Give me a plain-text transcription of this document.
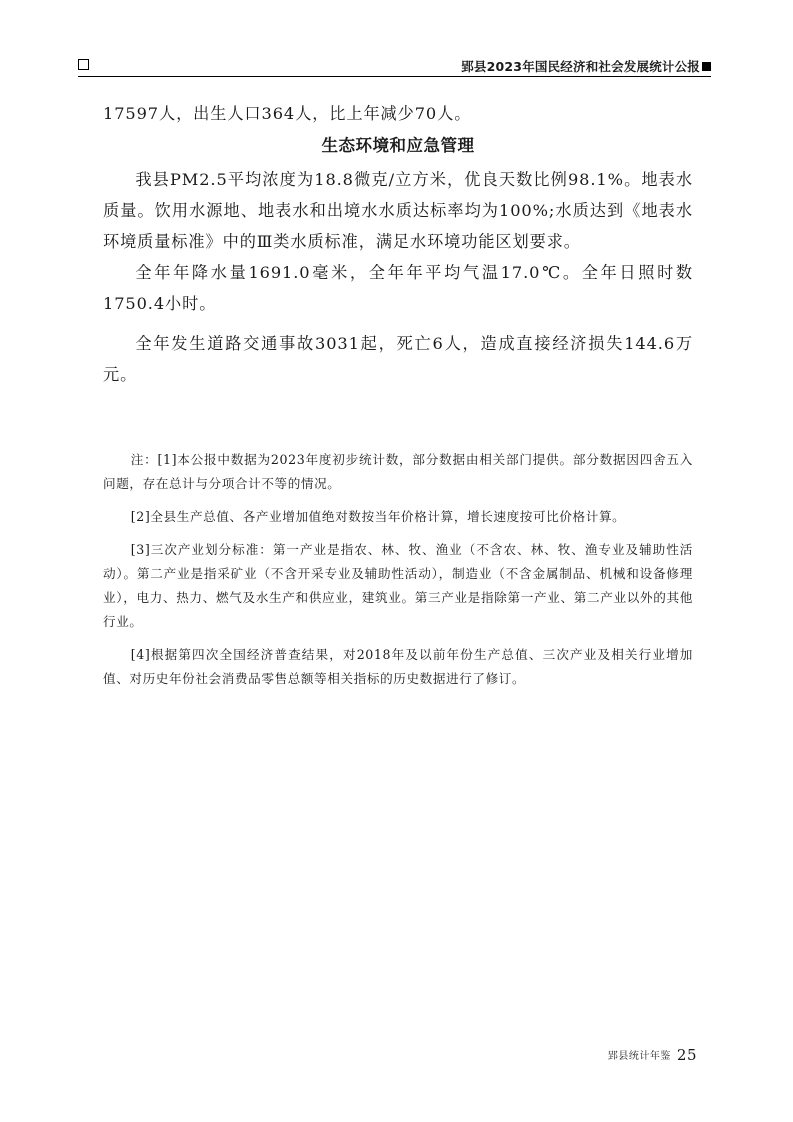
郢县2023年国民经济和社会发展统计公报

17597人，出生人口364人，比上年减少70人。

生态环境和应急管理

我县PM2.5平均浓度为18.8微克/立方米，优良天数比例98.1%。地表水质量。饮用水源地、地表水和出境水水质达标率均为100%;水质达到《地表水环境质量标准》中的Ⅲ类水质标准，满足水环境功能区划要求。

全年年降水量1691.0毫米，全年年平均气温17.0℃。全年日照时数1750.4小时。

全年发生道路交通事故3031起，死亡6人，造成直接经济损失144.6万元。

注：[1]本公报中数据为2023年度初步统计数，部分数据由相关部门提供。部分数据因四舍五入问题，存在总计与分项合计不等的情况。

[2]全县生产总值、各产业增加值绝对数按当年价格计算，增长速度按可比价格计算。

[3]三次产业划分标准：第一产业是指农、林、牧、渔业（不含农、林、牧、渔专业及辅助性活动）。第二产业是指采矿业（不含开采专业及辅助性活动），制造业（不含金属制品、机械和设备修理业），电力、热力、燃气及水生产和供应业，建筑业。第三产业是指除第一产业、第二产业以外的其他行业。

[4]根据第四次全国经济普查结果，对2018年及以前年份生产总值、三次产业及相关行业增加值、对历史年份社会消费品零售总额等相关指标的历史数据进行了修订。

郢县统计年鉴 25
